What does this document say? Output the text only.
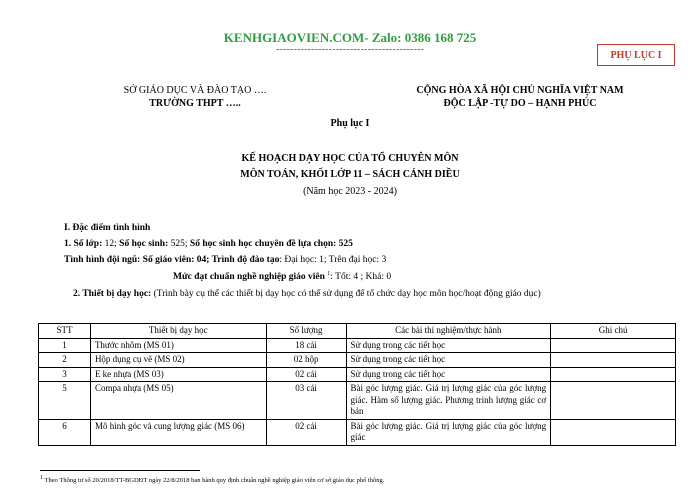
KENHGIAOVIEN.COM- Zalo: 0386 168 725
------------------------------------------	PHỤ LỤC I
SỞ GIÁO DỤC VÀ ĐÀO TẠO ….
TRƯỜNG THPT …..
CỘNG HÒA XÃ HỘI CHỦ NGHĨA VIỆT NAM
ĐỘC LẬP -TỰ DO – HẠNH PHÚC
Phụ lục I
KẾ HOẠCH DẠY HỌC CỦA TỔ CHUYÊN MÔN
MÔN TOÁN, KHỐI LỚP 11 – SÁCH CÁNH DIỀU
(Năm học 2023 - 2024)
I. Đặc điểm tình hình
1. Số lớp: 12; Số học sinh: 525; Số học sinh học chuyên đề lựa chọn: 525
Tình hình đội ngũ: Số giáo viên: 04; Trình độ đào tạo: Đại học: 1; Trên đại học: 3
Mức đạt chuẩn nghề nghiệp giáo viên $^1$: Tốt: 4 ; Khá: 0
2. Thiết bị dạy học: (Trình bày cụ thể các thiết bị dạy học có thể sử dụng để tổ chức dạy học môn học/hoạt động giáo dục)
STT	Thiết bị dạy học	Số lượng	Các bài thí nghiệm/thực hành	Ghi chú
1	Thước nhôm (MS 01)	18 cái	Sử dụng trong các tiết học	
2	Hộp dụng cụ vẽ (MS 02)	02 hộp	Sử dụng trong các tiết học	
3	E ke nhựa (MS 03)	02 cái	Sử dụng trong các tiết học	
5	Compa nhựa (MS 05)	03 cái	Bài góc lượng giác. Giá trị lượng giác của góc lượng giác. Hàm số lượng giác. Phương trình lượng giác cơ bản	
6	Mô hình góc và cung lượng giác (MS 06)	02 cái	Bài góc lượng giác. Giá trị lượng giác của góc lượng giác	
$^1$ Theo Thông tư số 20/2018/TT-BGDĐT ngày 22/8/2018 ban hành quy định chuẩn nghề nghiệp giáo viên cơ sở giáo dục phổ thông.
